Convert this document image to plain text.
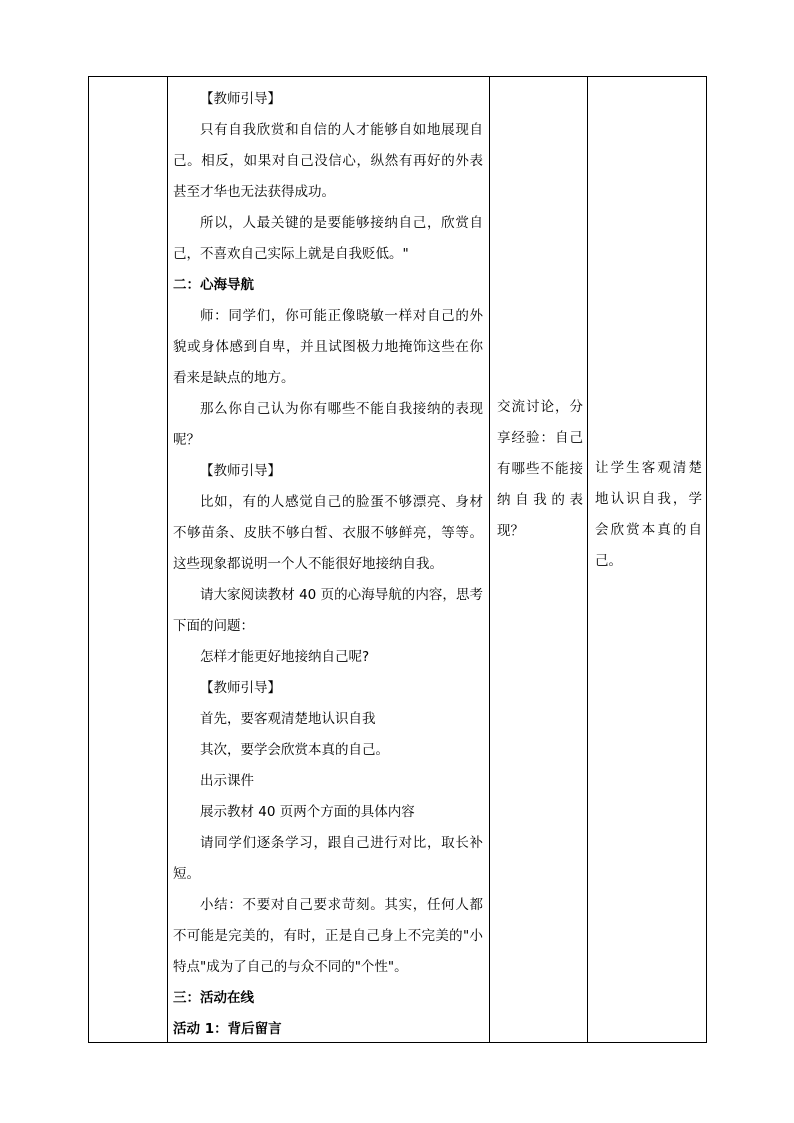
【教师引导】

只有自我欣赏和自信的人才能够自如地展现自己。相反，如果对自己没信心，纵然有再好的外表甚至才华也无法获得成功。

所以，人最关键的是要能够接纳自己，欣赏自己，不喜欢自己实际上就是自我贬低。"

二：心海导航

师：同学们，你可能正像晓敏一样对自己的外貌或身体感到自卑，并且试图极力地掩饰这些在你看来是缺点的地方。

那么你自己认为你有哪些不能自我接纳的表现呢？

【教师引导】

比如，有的人感觉自己的脸蛋不够漂亮、身材不够苗条、皮肤不够白皙、衣服不够鲜亮，等等。这些现象都说明一个人不能很好地接纳自我。

请大家阅读教材 40 页的心海导航的内容，思考下面的问题：

怎样才能更好地接纳自己呢?

【教师引导】

首先，要客观清楚地认识自我

其次，要学会欣赏本真的自己。

出示课件

展示教材 40 页两个方面的具体内容

请同学们逐条学习，跟自己进行对比，取长补短。

小结：不要对自己要求苛刻。其实，任何人都不可能是完美的，有时，正是自己身上不完美的"小特点"成为了自己的与众不同的"个性"。

三：活动在线

活动 1：背后留言

交流讨论，分享经验：自己有哪些不能接纳自我的表现？

让学生客观清楚地认识自我，学会欣赏本真的自己。
